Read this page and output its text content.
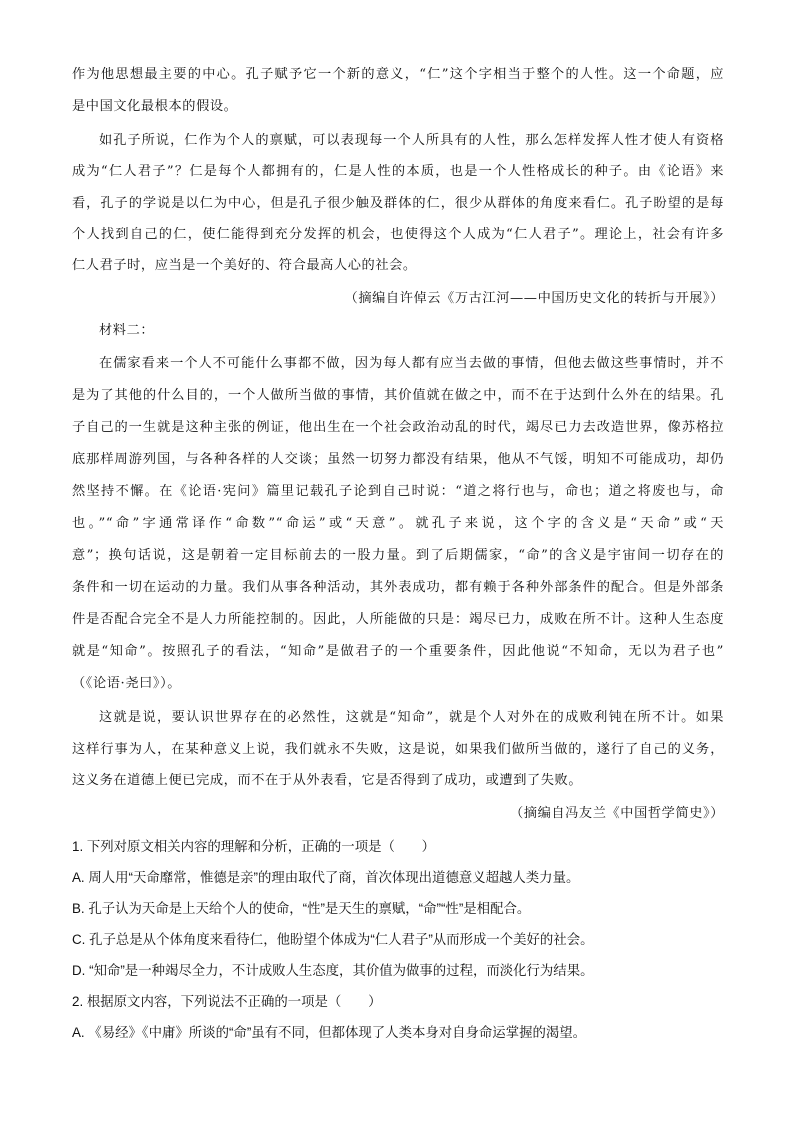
作为他思想最主要的中心。孔子赋予它一个新的意义，“仁”这个字相当于整个的人性。这一个命题，应
是中国文化最根本的假设。
如孔子所说，仁作为个人的禀赋，可以表现每一个人所具有的人性，那么怎样发挥人性才使人有资格
成为“仁人君子”？仁是每个人都拥有的，仁是人性的本质，也是一个人性格成长的种子。由《论语》来
看，孔子的学说是以仁为中心，但是孔子很少触及群体的仁，很少从群体的角度来看仁。孔子盼望的是每
个人找到自己的仁，使仁能得到充分发挥的机会，也使得这个人成为“仁人君子”。理论上，社会有许多
仁人君子时，应当是一个美好的、符合最高人心的社会。
（摘编自许倬云《万古江河——中国历史文化的转折与开展》）
材料二：
在儒家看来一个人不可能什么事都不做，因为每人都有应当去做的事情，但他去做这些事情时，并不
是为了其他的什么目的，一个人做所当做的事情，其价值就在做之中，而不在于达到什么外在的结果。孔
子自己的一生就是这种主张的例证，他出生在一个社会政治动乱的时代，竭尽已力去改造世界，像苏格拉
底那样周游列国，与各种各样的人交谈；虽然一切努力都没有结果，他从不气馁，明知不可能成功，却仍
然坚持不懈。在《论语·宪问》篇里记载孔子论到自己时说：“道之将行也与，命也；道之将废也与，命
也。”“命”字通常译作“命数”“命运”或“天意”。就孔子来说，这个字的含义是“天命”或“天
意”；换句话说，这是朝着一定目标前去的一股力量。到了后期儒家，“命”的含义是宇宙间一切存在的
条件和一切在运动的力量。我们从事各种活动，其外表成功，都有赖于各种外部条件的配合。但是外部条
件是否配合完全不是人力所能控制的。因此，人所能做的只是：竭尽已力，成败在所不计。这种人生态度
就是“知命”。按照孔子的看法，“知命”是做君子的一个重要条件，因此他说“不知命，无以为君子也”
（《论语·尧曰》）。
这就是说，要认识世界存在的必然性，这就是“知命”，就是个人对外在的成败利钝在所不计。如果
这样行事为人，在某种意义上说，我们就永不失败，这是说，如果我们做所当做的，遂行了自己的义务，
这义务在道德上便已完成，而不在于从外表看，它是否得到了成功，或遭到了失败。
（摘编自冯友兰《中国哲学简史》）
1. 下列对原文相关内容的理解和分析，正确的一项是（　　）
A. 周人用“天命靡常，惟德是亲”的理由取代了商，首次体现出道德意义超越人类力量。
B. 孔子认为天命是上天给个人的使命，“性”是天生的禀赋，“命”“性”是相配合。
C. 孔子总是从个体角度来看待仁，他盼望个体成为“仁人君子”从而形成一个美好的社会。
D. “知命”是一种竭尽全力，不计成败人生态度，其价值为做事的过程，而淡化行为结果。
2. 根据原文内容，下列说法不正确的一项是（　　）
A. 《易经》《中庸》所谈的“命”虽有不同，但都体现了人类本身对自身命运掌握的渴望。
